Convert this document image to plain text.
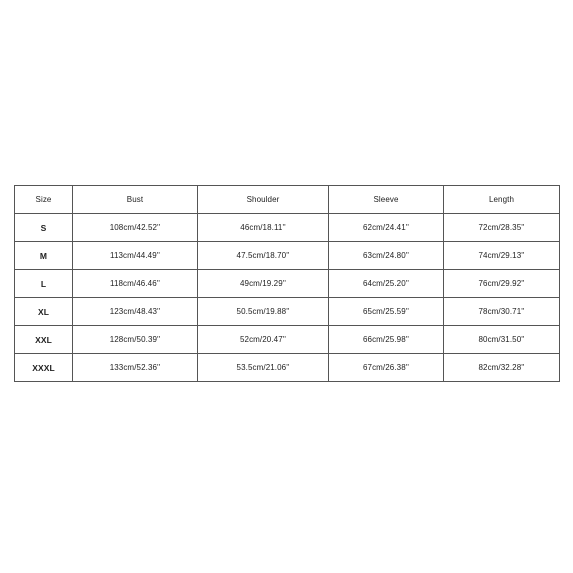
Size	Bust	Shoulder	Sleeve	Length
S	108cm/42.52''	46cm/18.11''	62cm/24.41''	72cm/28.35''
M	113cm/44.49''	47.5cm/18.70''	63cm/24.80''	74cm/29.13''
L	118cm/46.46''	49cm/19.29''	64cm/25.20''	76cm/29.92''
XL	123cm/48.43''	50.5cm/19.88''	65cm/25.59''	78cm/30.71''
XXL	128cm/50.39''	52cm/20.47''	66cm/25.98''	80cm/31.50''
XXXL	133cm/52.36''	53.5cm/21.06''	67cm/26.38''	82cm/32.28''
